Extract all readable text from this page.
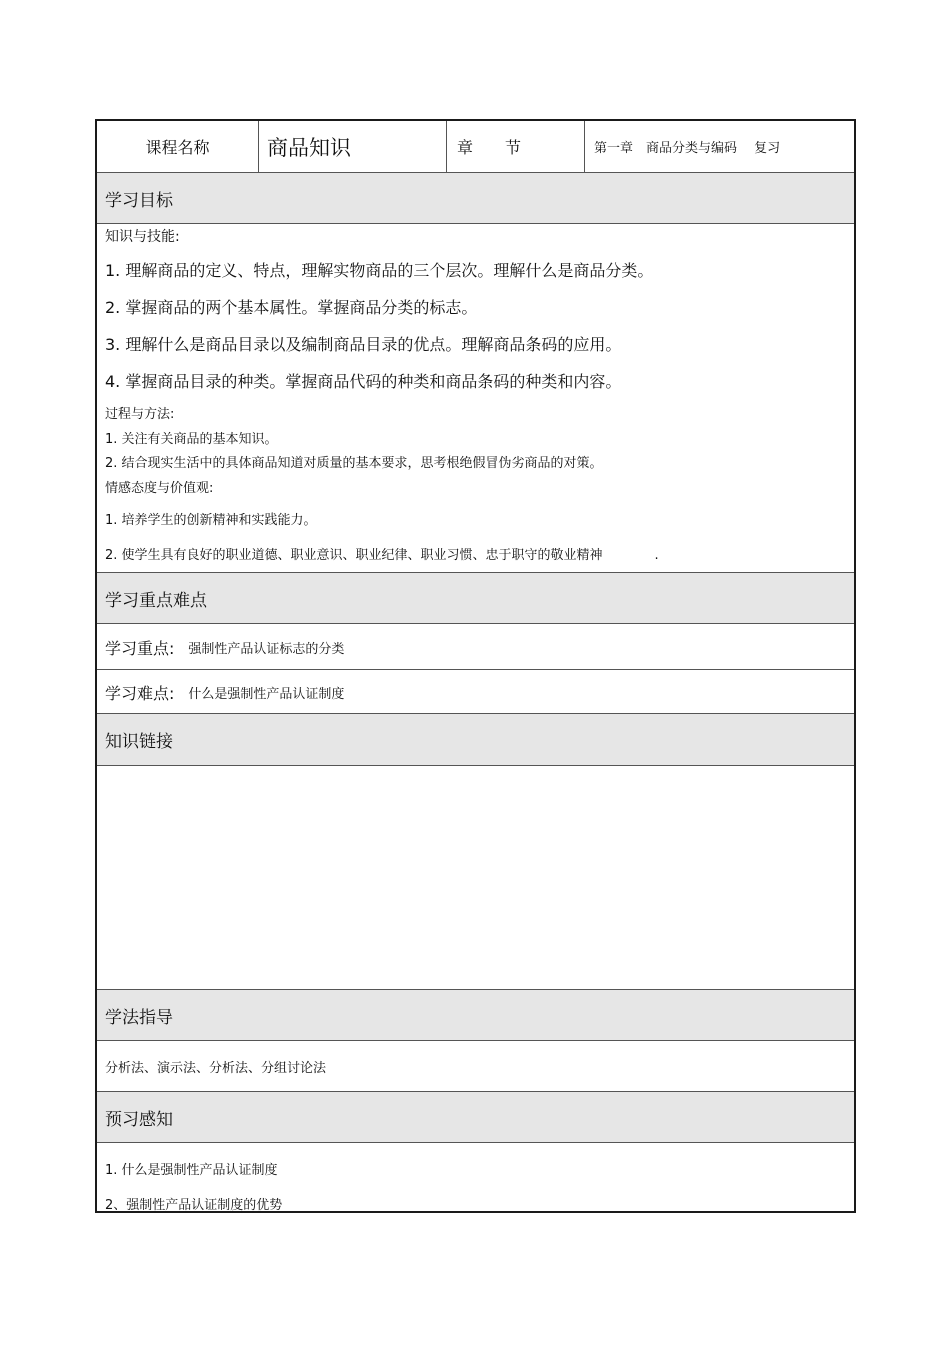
课程名称	商品知识	章　　节	第一章　商品分类与编码　 复习
学习目标
知识与技能:
1. 理解商品的定义、特点，理解实物商品的三个层次。理解什么是商品分类。
2. 掌握商品的两个基本属性。掌握商品分类的标志。
3. 理解什么是商品目录以及编制商品目录的优点。理解商品条码的应用。
4. 掌握商品目录的种类。掌握商品代码的种类和商品条码的种类和内容。
过程与方法:
1. 关注有关商品的基本知识。
2. 结合现实生活中的具体商品知道对质量的基本要求，思考根绝假冒伪劣商品的对策。
情感态度与价值观:
1. 培养学生的创新精神和实践能力。
2. 使学生具有良好的职业道德、职业意识、职业纪律、职业习惯、忠于职守的敬业精神　　　　.
学习重点难点
学习重点: 强制性产品认证标志的分类
学习难点: 什么是强制性产品认证制度
知识链接
学法指导
分析法、演示法、分析法、分组讨论法
预习感知
1. 什么是强制性产品认证制度
2、强制性产品认证制度的优势
